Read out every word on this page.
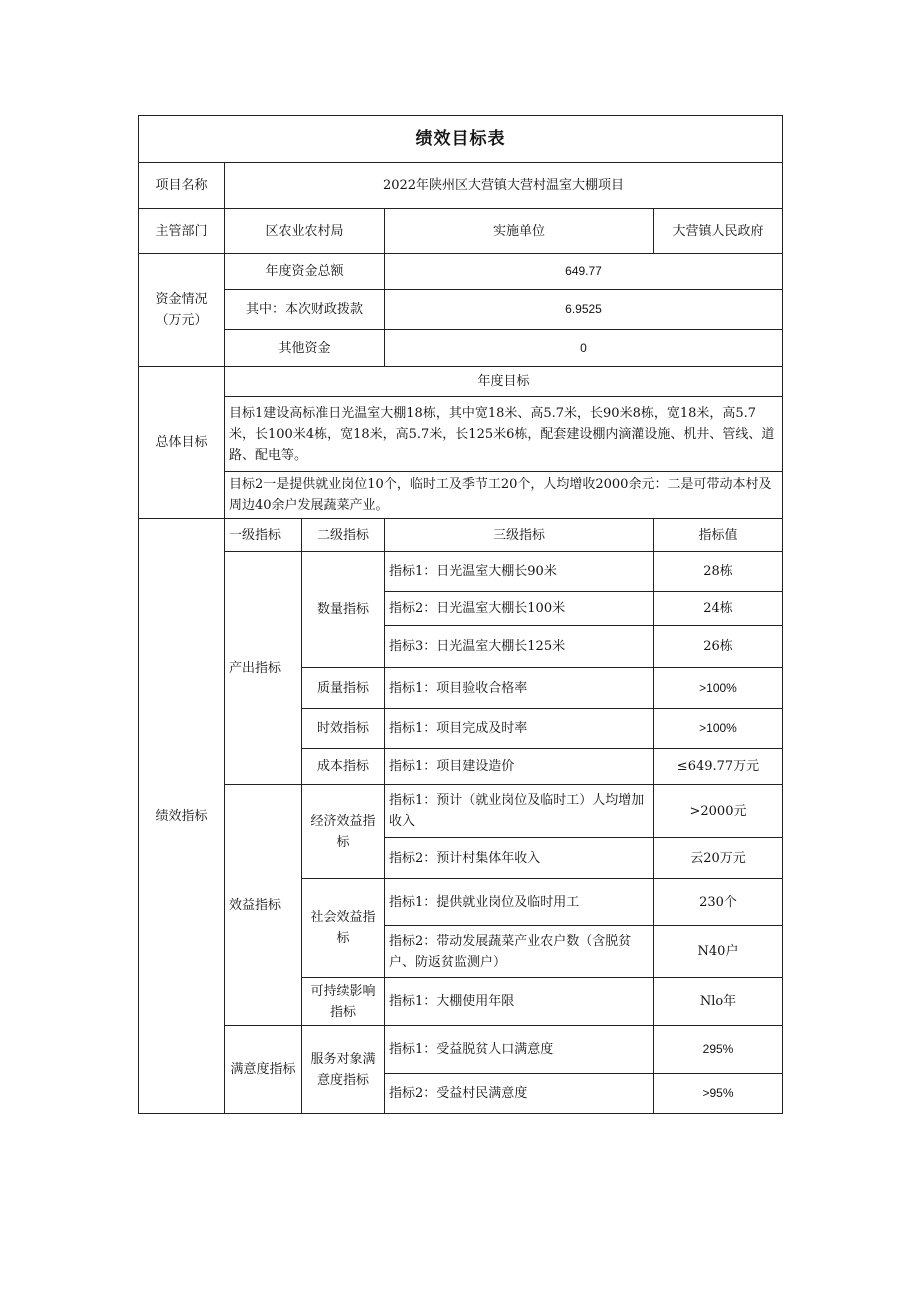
绩效目标表				
项目名称	2022年陕州区大营镇大营村温室大棚项目			
主管部门	区农业农村局		实施单位	大营镇人民政府
资金情况（万元）	年度资金总额		649.77	
	其中：本次财政拨款		6.9525	
	其他资金		0	
总体目标	年度目标			
	目标1建设高标准日光温室大棚18栋，其中宽18米、高5.7米，长90米8栋，宽18米，高5.7米，长100米4栋，宽18米，高5.7米，长125米6栋，配套建设棚内滴灌设施、机井、管线、道路、配电等。			
	目标2一是提供就业岗位10个，临时工及季节工20个，人均增收2000余元：二是可带动本村及周边40余户发展蔬菜产业。			
绩效指标	一级指标	二级指标	三级指标	指标值
	产出指标	数量指标	指标1：日光温室大棚长90米	28栋
			指标2：日光温室大棚长100米	24栋
			指标3：日光温室大棚长125米	26栋
		质量指标	指标1：项目验收合格率	>100%
		时效指标	指标1：项目完成及时率	>100%
		成本指标	指标1：项目建设造价	≤649.77万元
	效益指标	经济效益指标	指标1：预计（就业岗位及临时工）人均增加收入	>2000元
			指标2：预计村集体年收入	云20万元
		社会效益指标	指标1：提供就业岗位及临时用工	230个
			指标2：带动发展蔬菜产业农户数（含脱贫户、防返贫监测户）	N40户
		可持续影响指标	指标1：大棚使用年限	Nlo年
	满意度指标	服务对象满意度指标	指标1：受益脱贫人口满意度	295%
			指标2：受益村民满意度	>95%
